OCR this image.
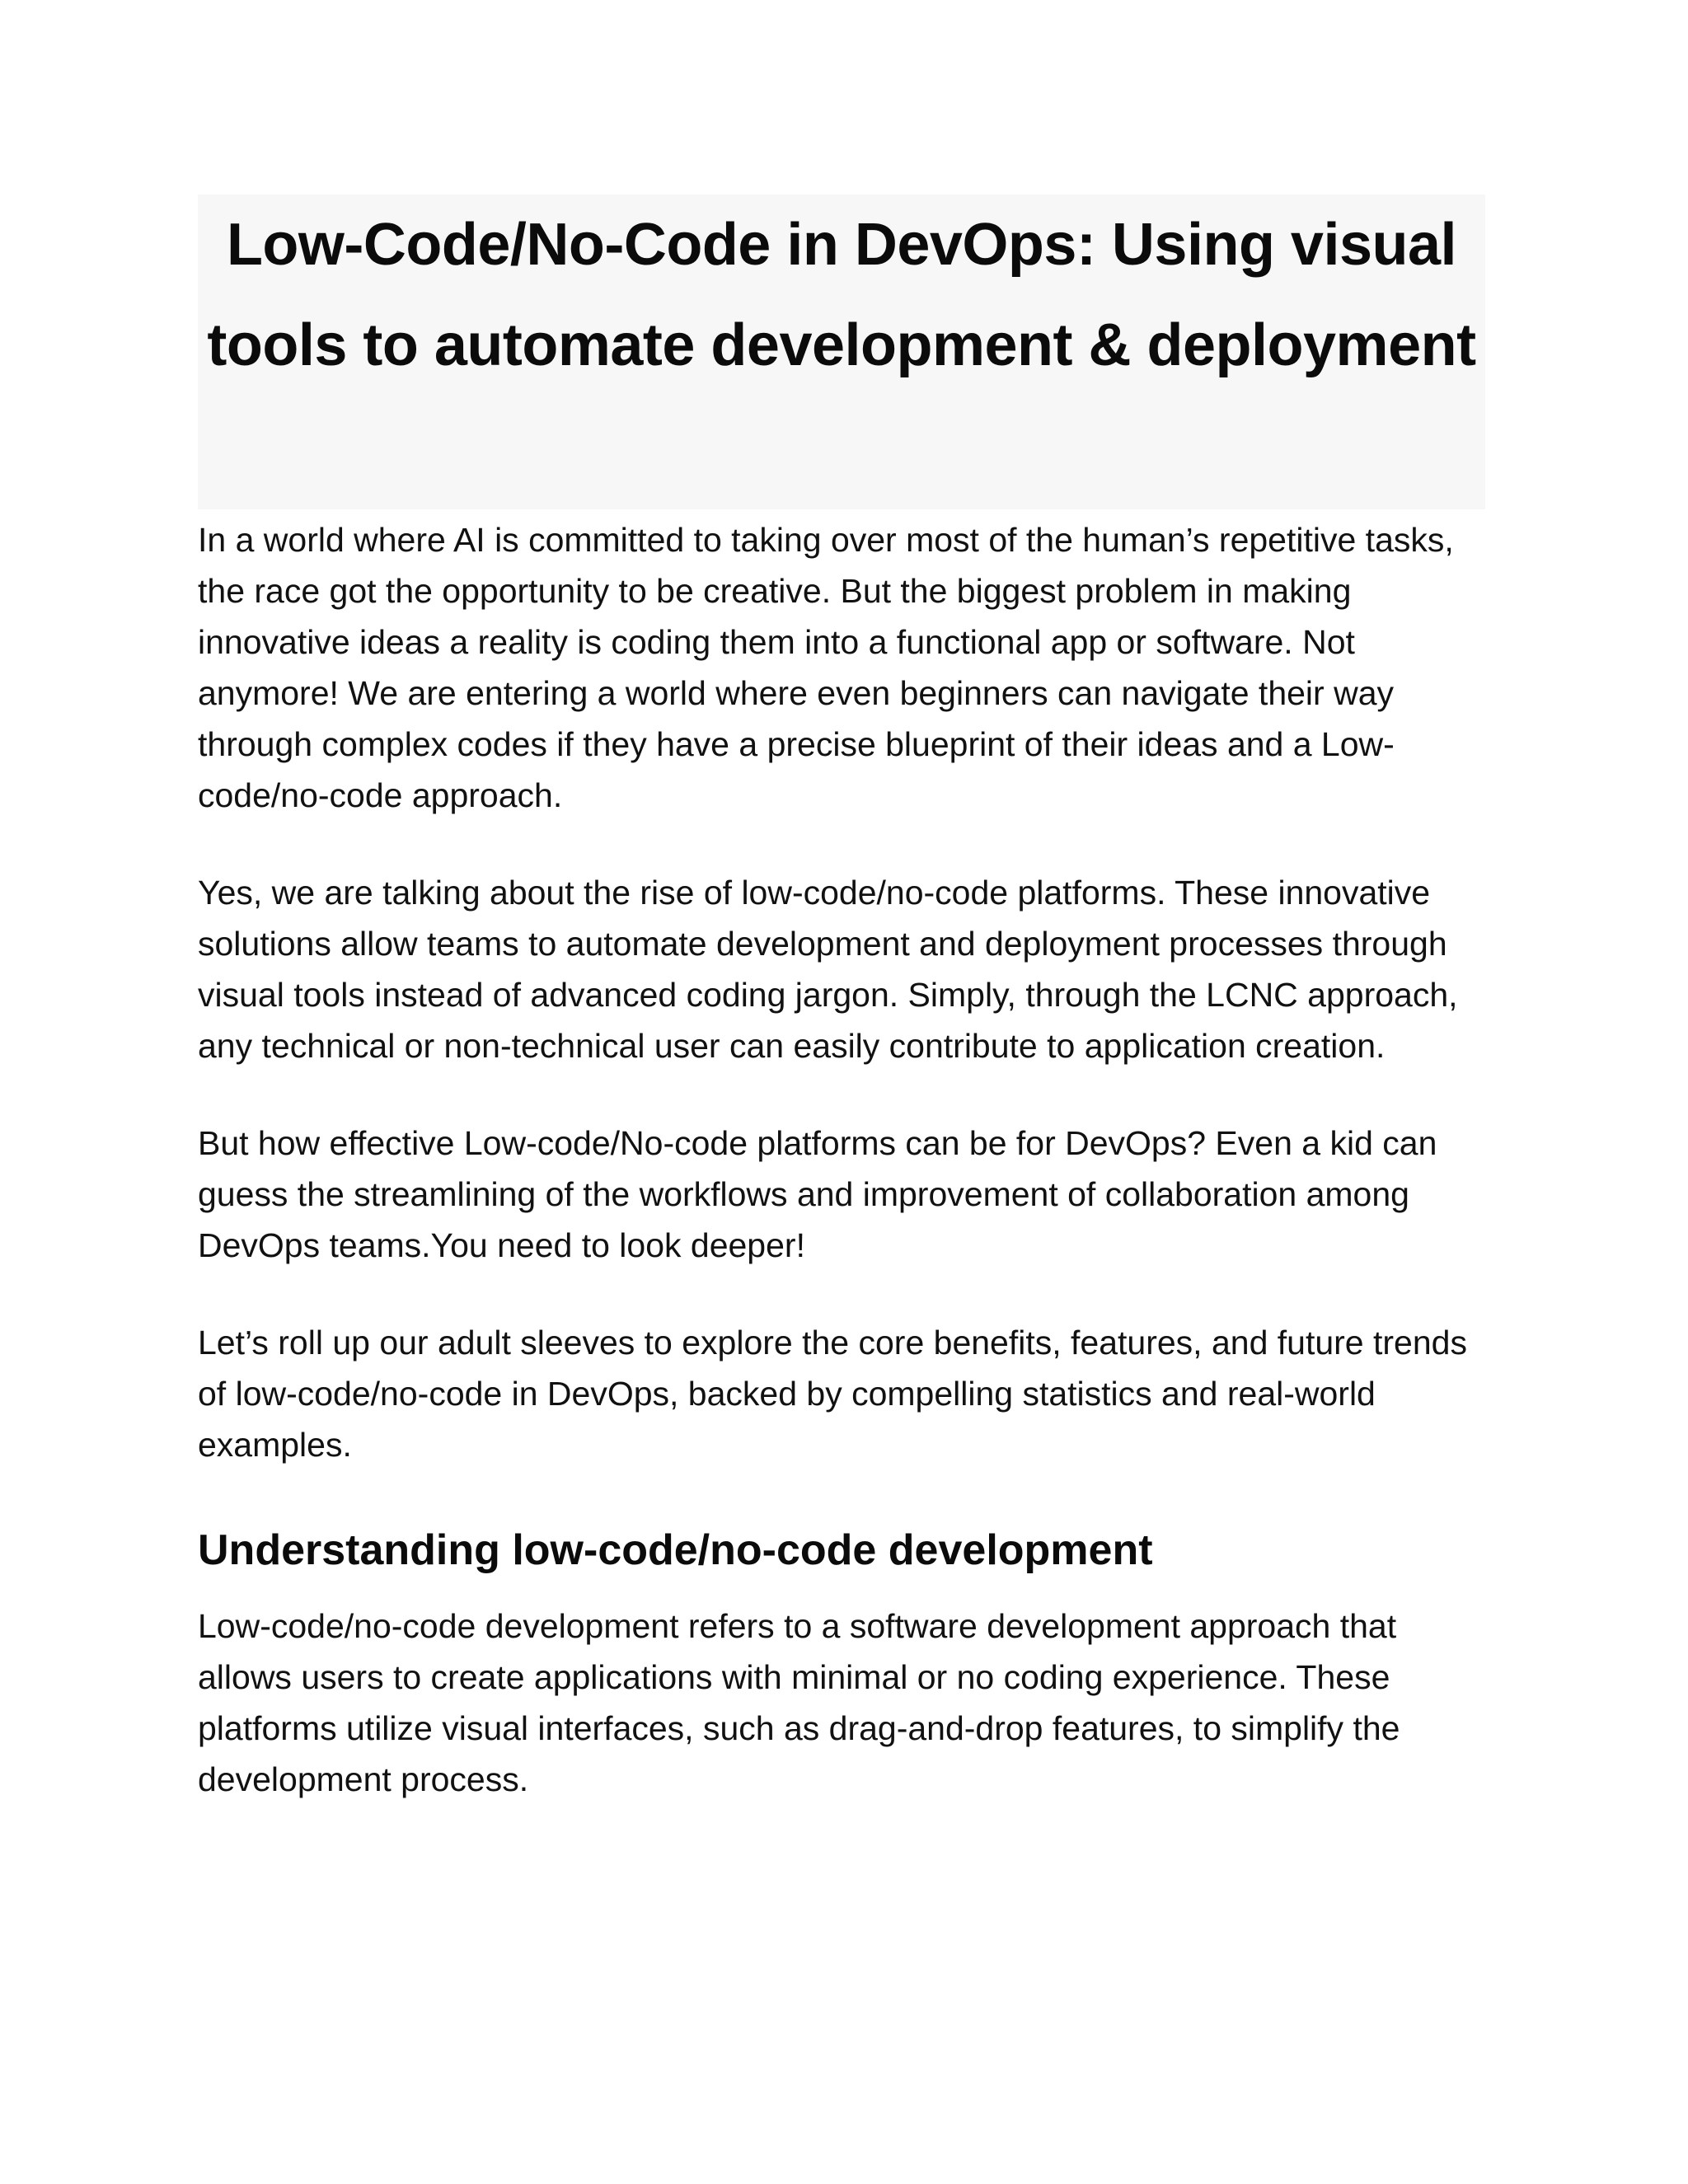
Low-Code/No-Code in DevOps: Using visual tools to automate development & deployment

In a world where AI is committed to taking over most of the human’s repetitive tasks, the race got the opportunity to be creative. But the biggest problem in making innovative ideas a reality is coding them into a functional app or software. Not anymore! We are entering a world where even beginners can navigate their way through complex codes if they have a precise blueprint of their ideas and a Low-code/no-code approach.

Yes, we are talking about the rise of low-code/no-code platforms. These innovative solutions allow teams to automate development and deployment processes through visual tools instead of advanced coding jargon. Simply, through the LCNC approach, any technical or non-technical user can easily contribute to application creation.

But how effective Low-code/No-code platforms can be for DevOps? Even a kid can guess the streamlining of the workflows and improvement of collaboration among DevOps teams.You need to look deeper!

Let’s roll up our adult sleeves to explore the core benefits, features, and future trends of low-code/no-code in DevOps, backed by compelling statistics and real-world examples.

Understanding low-code/no-code development

Low-code/no-code development refers to a software development approach that allows users to create applications with minimal or no coding experience. These platforms utilize visual interfaces, such as drag-and-drop features, to simplify the development process.
